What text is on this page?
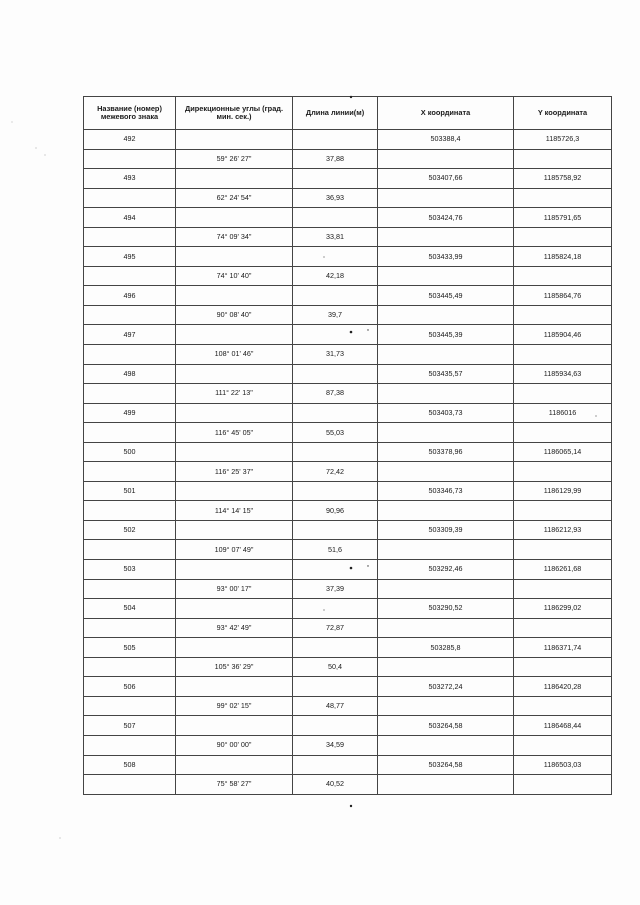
Название (номер) межевого знака	Дирекционные углы (град. мин. сек.)	Длина линии(м)	X координата	Y координата
492			503388,4	1185726,3
	59° 26' 27"	37,88		
493			503407,66	1185758,92
	62° 24' 54"	36,93		
494			503424,76	1185791,65
	74° 09' 34"	33,81		
495			503433,99	1185824,18
	74° 10' 40"	42,18		
496			503445,49	1185864,76
	90° 08' 40"	39,7		
497			503445,39	1185904,46
	108° 01' 46"	31,73		
498			503435,57	1185934,63
	111° 22' 13"	87,38		
499			503403,73	1186016
	116° 45' 05"	55,03		
500			503378,96	1186065,14
	116° 25' 37"	72,42		
501			503346,73	1186129,99
	114° 14' 15"	90,96		
502			503309,39	1186212,93
	109° 07' 49"	51,6		
503			503292,46	1186261,68
	93° 00' 17"	37,39		
504			503290,52	1186299,02
	93° 42' 49"	72,87		
505			503285,8	1186371,74
	105° 36' 29"	50,4		
506			503272,24	1186420,28
	99° 02' 15"	48,77		
507			503264,58	1186468,44
	90° 00' 00"	34,59		
508			503264,58	1186503,03
	75° 58' 27"	40,52		
